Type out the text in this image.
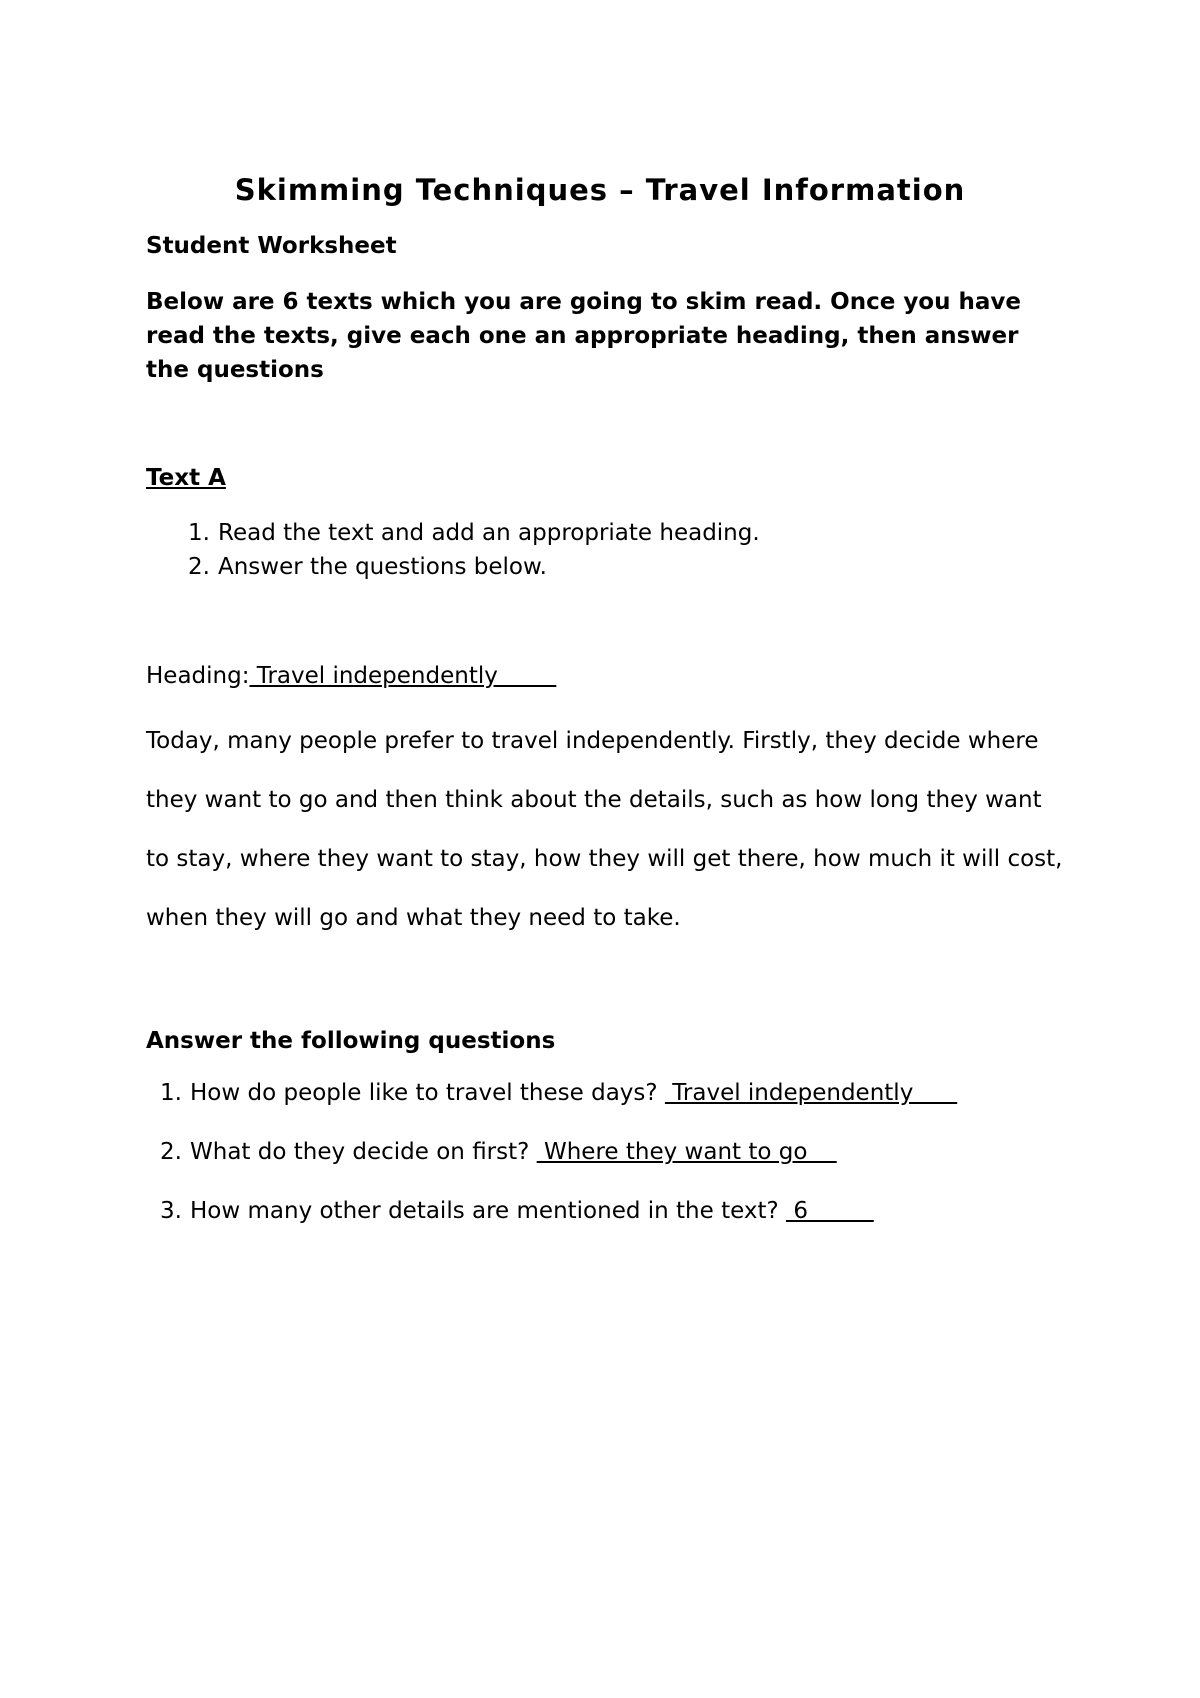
Skimming Techniques – Travel Information
Student Worksheet
Below are 6 texts which you are going to skim read. Once you have read the texts, give each one an appropriate heading, then answer the questions
Text A
1. Read the text and add an appropriate heading.
2. Answer the questions below.
Heading: Travel independently
Today, many people prefer to travel independently. Firstly, they decide where they want to go and then think about the details, such as how long they want to stay, where they want to stay, how they will get there, how much it will cost, when they will go and what they need to take.
Answer the following questions
1. How do people like to travel these days? Travel independently
2. What do they decide on first? Where they want to go
3. How many other details are mentioned in the text? 6
